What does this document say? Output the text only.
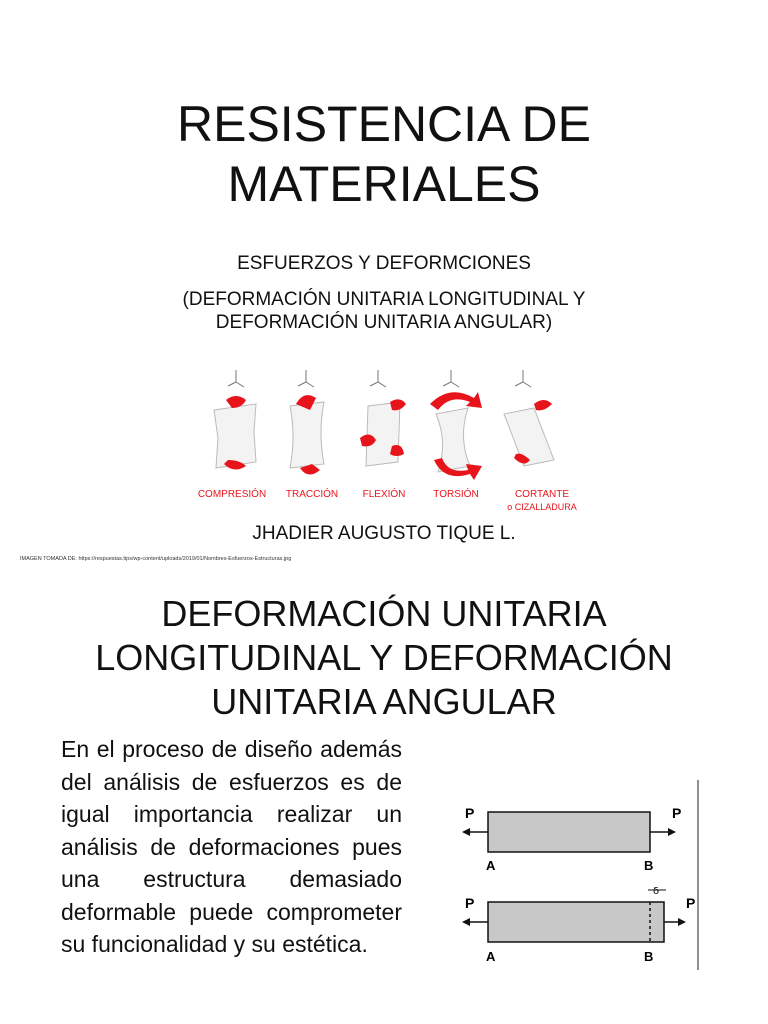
RESISTENCIA DE
MATERIALES
ESFUERZOS Y DEFORMCIONES
(DEFORMACIÓN UNITARIA LONGITUDINAL Y
DEFORMACIÓN UNITARIA ANGULAR)
COMPRESIÓN TRACCIÓN FLEXIÓN	TORSIÓN	CORTANTE
o CIZALLADURA
JHADIER AUGUSTO TIQUE L.
IMAGEN TOMADA DE: https://respuestas.tips/wp-content/uploads/2019/01/Nombres-Esfuerzos-Estructuras.jpg
DEFORMACIÓN UNITARIA
LONGITUDINAL Y DEFORMACIÓN
UNITARIA ANGULAR
En el proceso de diseño además del análisis de esfuerzos es de igual importancia realizar un análisis de deformaciones pues una estructura demasiado deformable puede comprometer su funcionalidad y su estética.
P	P
A	B
δ
P	P
A	B
